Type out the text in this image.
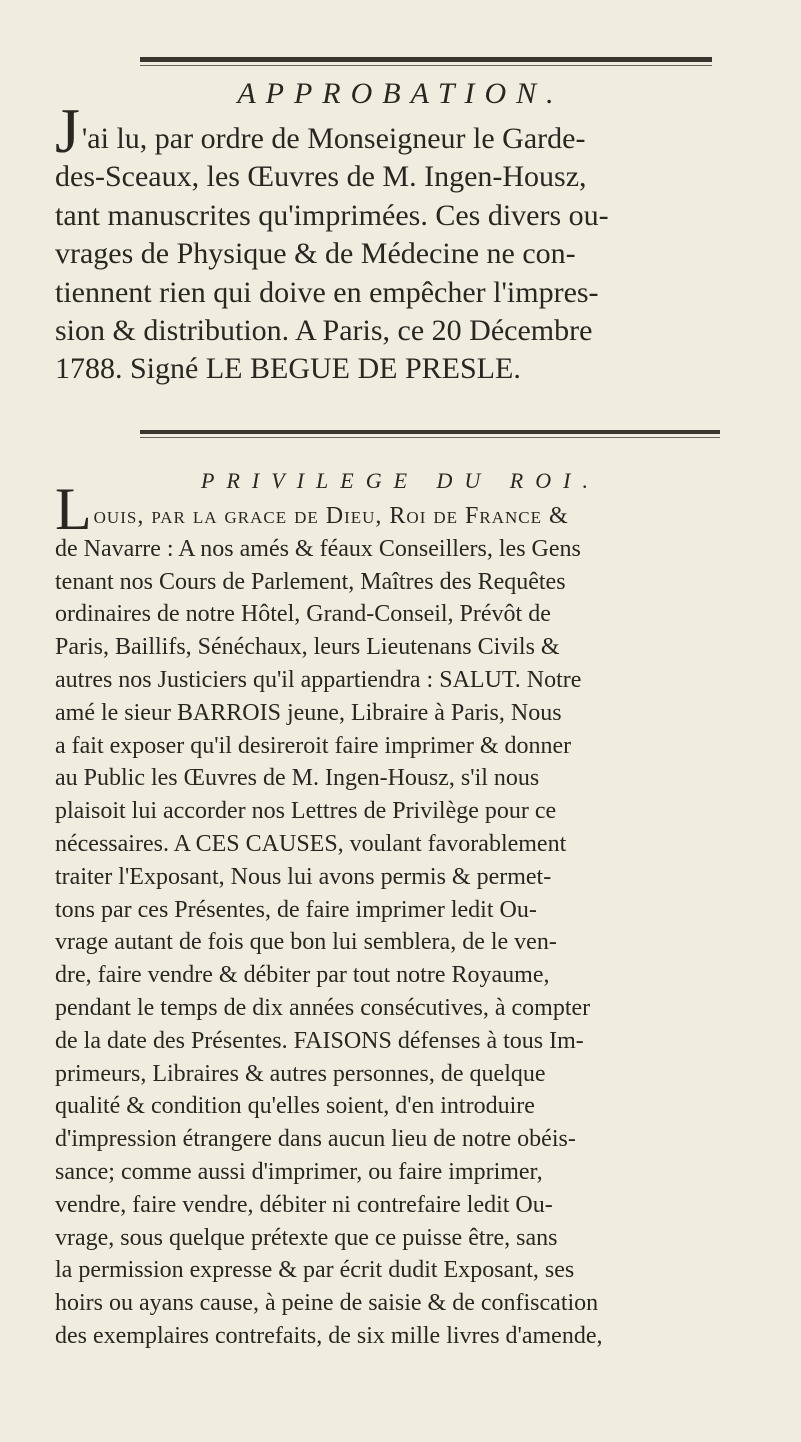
APPROBATION.
J'ai lu, par ordre de Monseigneur le Garde-
des-Sceaux, les Œuvres de M. Ingen-Housz,
tant manuscrites qu'imprimées. Ces divers ou-
vrages de Physique & de Médecine ne con-
tiennent rien qui doive en empêcher l'impres-
sion & distribution. A Paris, ce 20 Décembre
1788. Signé LE BEGUE DE PRESLE.
PRIVILEGE DU ROI.
Louis, par la grace de Dieu, Roi de France &
de Navarre : A nos amés & féaux Conseillers, les Gens
tenant nos Cours de Parlement, Maîtres des Requêtes
ordinaires de notre Hôtel, Grand-Conseil, Prévôt de
Paris, Baillifs, Sénéchaux, leurs Lieutenans Civils &
autres nos Justiciers qu'il appartiendra : SALUT. Notre
amé le sieur BARROIS jeune, Libraire à Paris, Nous
a fait exposer qu'il desireroit faire imprimer & donner
au Public les Œuvres de M. Ingen-Housz, s'il nous
plaisoit lui accorder nos Lettres de Privilège pour ce
nécessaires. A CES CAUSES, voulant favorablement
traiter l'Exposant, Nous lui avons permis & permet-
tons par ces Présentes, de faire imprimer ledit Ou-
vrage autant de fois que bon lui semblera, de le ven-
dre, faire vendre & débiter par tout notre Royaume,
pendant le temps de dix années consécutives, à compter
de la date des Présentes. FAISONS défenses à tous Im-
primeurs, Libraires & autres personnes, de quelque
qualité & condition qu'elles soient, d'en introduire
d'impression étrangere dans aucun lieu de notre obéis-
sance; comme aussi d'imprimer, ou faire imprimer,
vendre, faire vendre, débiter ni contrefaire ledit Ou-
vrage, sous quelque prétexte que ce puisse être, sans
la permission expresse & par écrit dudit Exposant, ses
hoirs ou ayans cause, à peine de saisie & de confiscation
des exemplaires contrefaits, de six mille livres d'amende,
